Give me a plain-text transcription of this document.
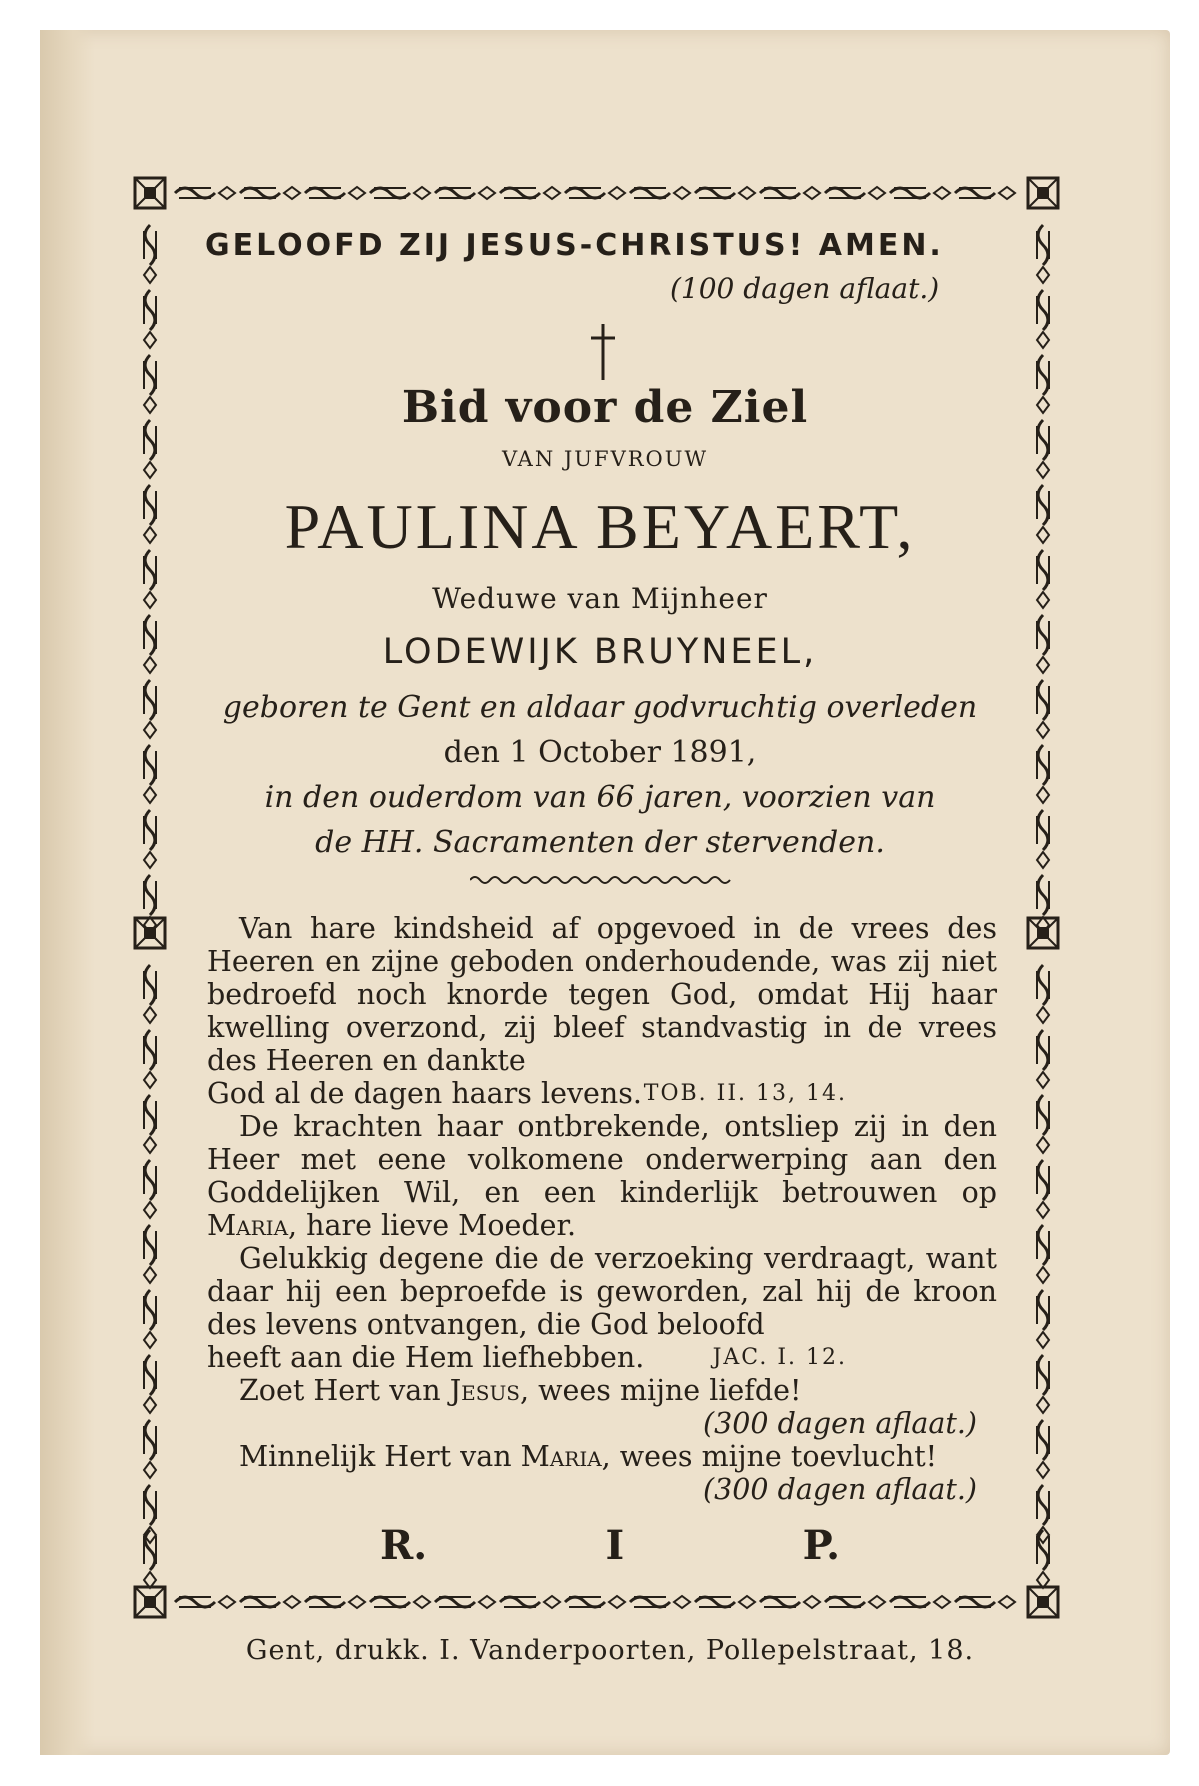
GELOOFD ZIJ JESUS-CHRISTUS! AMEN.
(100 dagen aflaat.)
Bid voor de Ziel
VAN JUFVROUW
PAULINA BEYAERT,
Weduwe van Mijnheer
LODEWIJK BRUYNEEL,
geboren te Gent en aldaar godvruchtig overleden
den 1 October 1891,
in den ouderdom van 66 jaren, voorzien van
de HH. Sacramenten der stervenden.

Van hare kindsheid af opgevoed in de vrees des Heeren en zijne geboden onderhoudende, was zij niet bedroefd noch knorde tegen God, omdat Hij haar kwelling overzond, zij bleef standvastig in de vrees des Heeren en dankte

God al de dagen haars levens. TOB. II. 13, 14.

De krachten haar ontbrekende, ontsliep zij in den Heer met eene volkomene onderwerping aan den Goddelijken Wil, en een kinderlijk betrouwen op Maria, hare lieve Moeder.

Gelukkig degene die de verzoeking verdraagt, want daar hij een beproefde is geworden, zal hij de kroon des levens ontvangen, die God beloofd

heeft aan die Hem liefhebben.	JAC. I. 12.

Zoet Hert van Jesus, wees mijne liefde!

(300 dagen aflaat.)

Minnelijk Hert van Maria, wees mijne toevlucht!

(300 dagen aflaat.)
R.	I	P.
Gent, drukk. I. Vanderpoorten, Pollepelstraat, 18.
